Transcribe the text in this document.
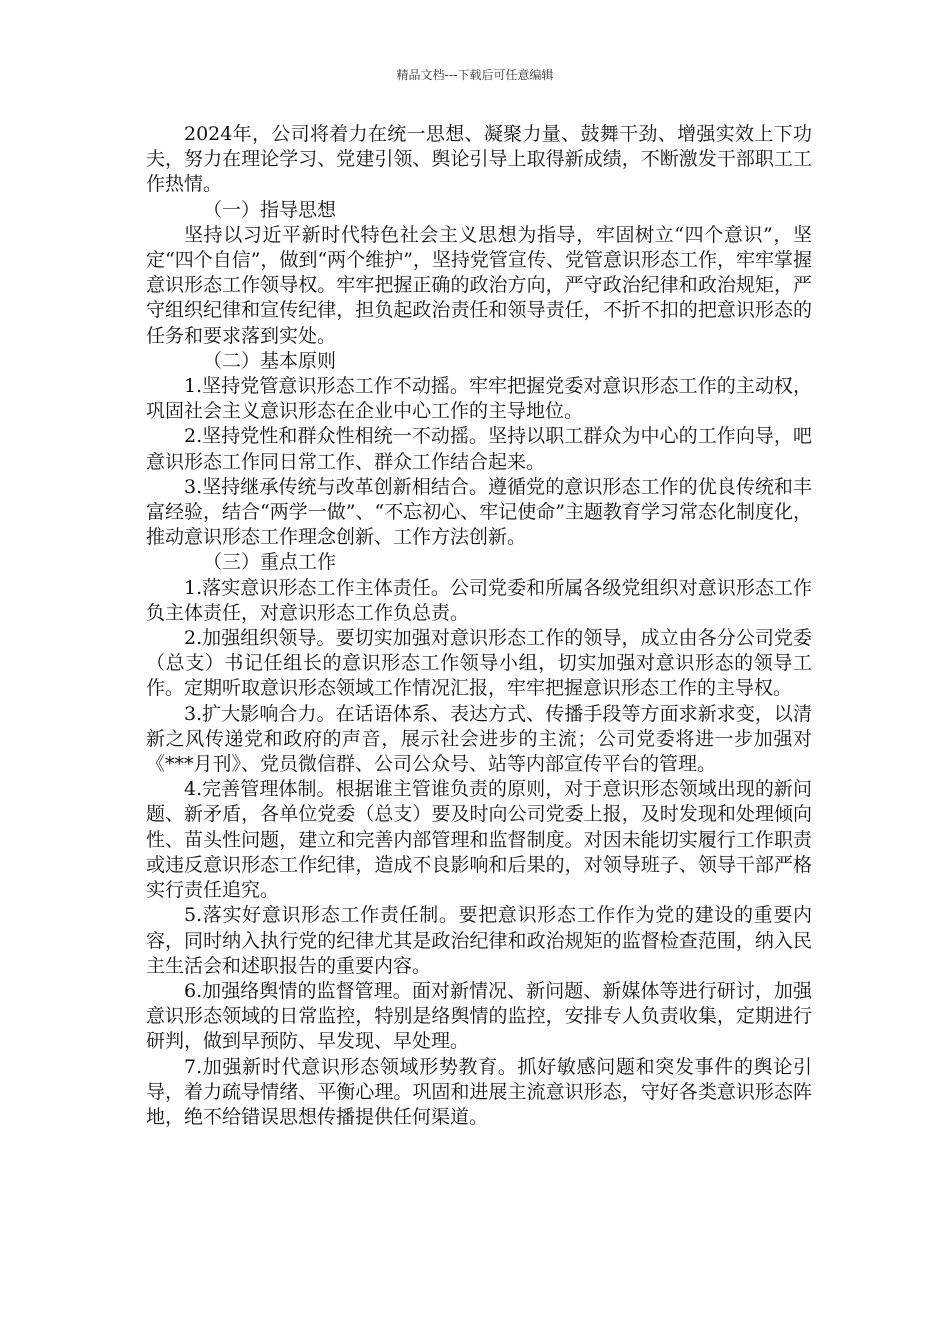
精品文档---下载后可任意编辑

2024年，公司将着力在统一思想、凝聚力量、鼓舞干劲、增强实效上下功夫，努力在理论学习、党建引领、舆论引导上取得新成绩，不断激发干部职工工作热情。

（一）指导思想

坚持以习近平新时代特色社会主义思想为指导，牢固树立“四个意识”，坚定“四个自信”，做到“两个维护”，坚持党管宣传、党管意识形态工作，牢牢掌握意识形态工作领导权。牢牢把握正确的政治方向，严守政治纪律和政治规矩，严守组织纪律和宣传纪律，担负起政治责任和领导责任，不折不扣的把意识形态的任务和要求落到实处。

（二）基本原则

1.坚持党管意识形态工作不动摇。牢牢把握党委对意识形态工作的主动权，巩固社会主义意识形态在企业中心工作的主导地位。

2.坚持党性和群众性相统一不动摇。坚持以职工群众为中心的工作向导，吧意识形态工作同日常工作、群众工作结合起来。

3.坚持继承传统与改革创新相结合。遵循党的意识形态工作的优良传统和丰富经验，结合“两学一做”、“不忘初心、牢记使命”主题教育学习常态化制度化，推动意识形态工作理念创新、工作方法创新。

（三）重点工作

1.落实意识形态工作主体责任。公司党委和所属各级党组织对意识形态工作负主体责任，对意识形态工作负总责。

2.加强组织领导。要切实加强对意识形态工作的领导，成立由各分公司党委（总支）书记任组长的意识形态工作领导小组，切实加强对意识形态的领导工作。定期听取意识形态领域工作情况汇报，牢牢把握意识形态工作的主导权。

3.扩大影响合力。在话语体系、表达方式、传播手段等方面求新求变，以清新之风传递党和政府的声音，展示社会进步的主流；公司党委将进一步加强对《***月刊》、党员微信群、公司公众号、站等内部宣传平台的管理。

4.完善管理体制。根据谁主管谁负责的原则，对于意识形态领域出现的新问题、新矛盾，各单位党委（总支）要及时向公司党委上报，及时发现和处理倾向性、苗头性问题，建立和完善内部管理和监督制度。对因未能切实履行工作职责或违反意识形态工作纪律，造成不良影响和后果的，对领导班子、领导干部严格实行责任追究。

5.落实好意识形态工作责任制。要把意识形态工作作为党的建设的重要内容，同时纳入执行党的纪律尤其是政治纪律和政治规矩的监督检查范围，纳入民主生活会和述职报告的重要内容。

6.加强络舆情的监督管理。面对新情况、新问题、新媒体等进行研讨，加强意识形态领域的日常监控，特别是络舆情的监控，安排专人负责收集，定期进行研判，做到早预防、早发现、早处理。

7.加强新时代意识形态领域形势教育。抓好敏感问题和突发事件的舆论引导，着力疏导情绪、平衡心理。巩固和进展主流意识形态，守好各类意识形态阵地，绝不给错误思想传播提供任何渠道。
